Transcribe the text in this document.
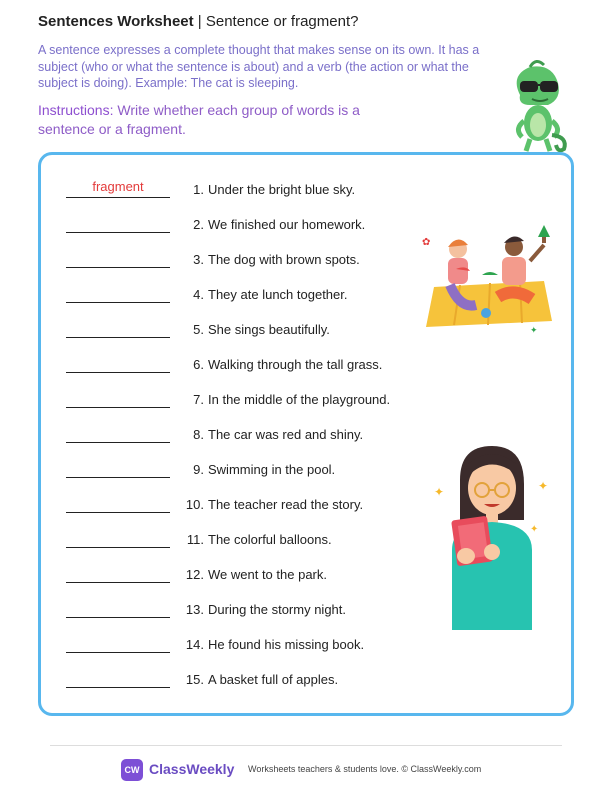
Sentences Worksheet | Sentence or fragment?
A sentence expresses a complete thought that makes sense on its own. It has a subject (who or what the sentence is about) and a verb (the action or what the subject is doing). Example: The cat is sleeping.
Instructions: Write whether each group of words is a sentence or a fragment.
fragment	1. Under the bright blue sky.
2. We finished our homework.
3. The dog with brown spots.
4. They ate lunch together.
5. She sings beautifully.
6. Walking through the tall grass.
7. In the middle of the playground.
8. The car was red and shiny.
9. Swimming in the pool.
10. The teacher read the story.
11. The colorful balloons.
12. We went to the park.
13. During the stormy night.
14. He found his missing book.
15. A basket full of apples.
✿
✦
✦	✦
✦
CW ClassWeekly Worksheets teachers & students love. © ClassWeekly.com
